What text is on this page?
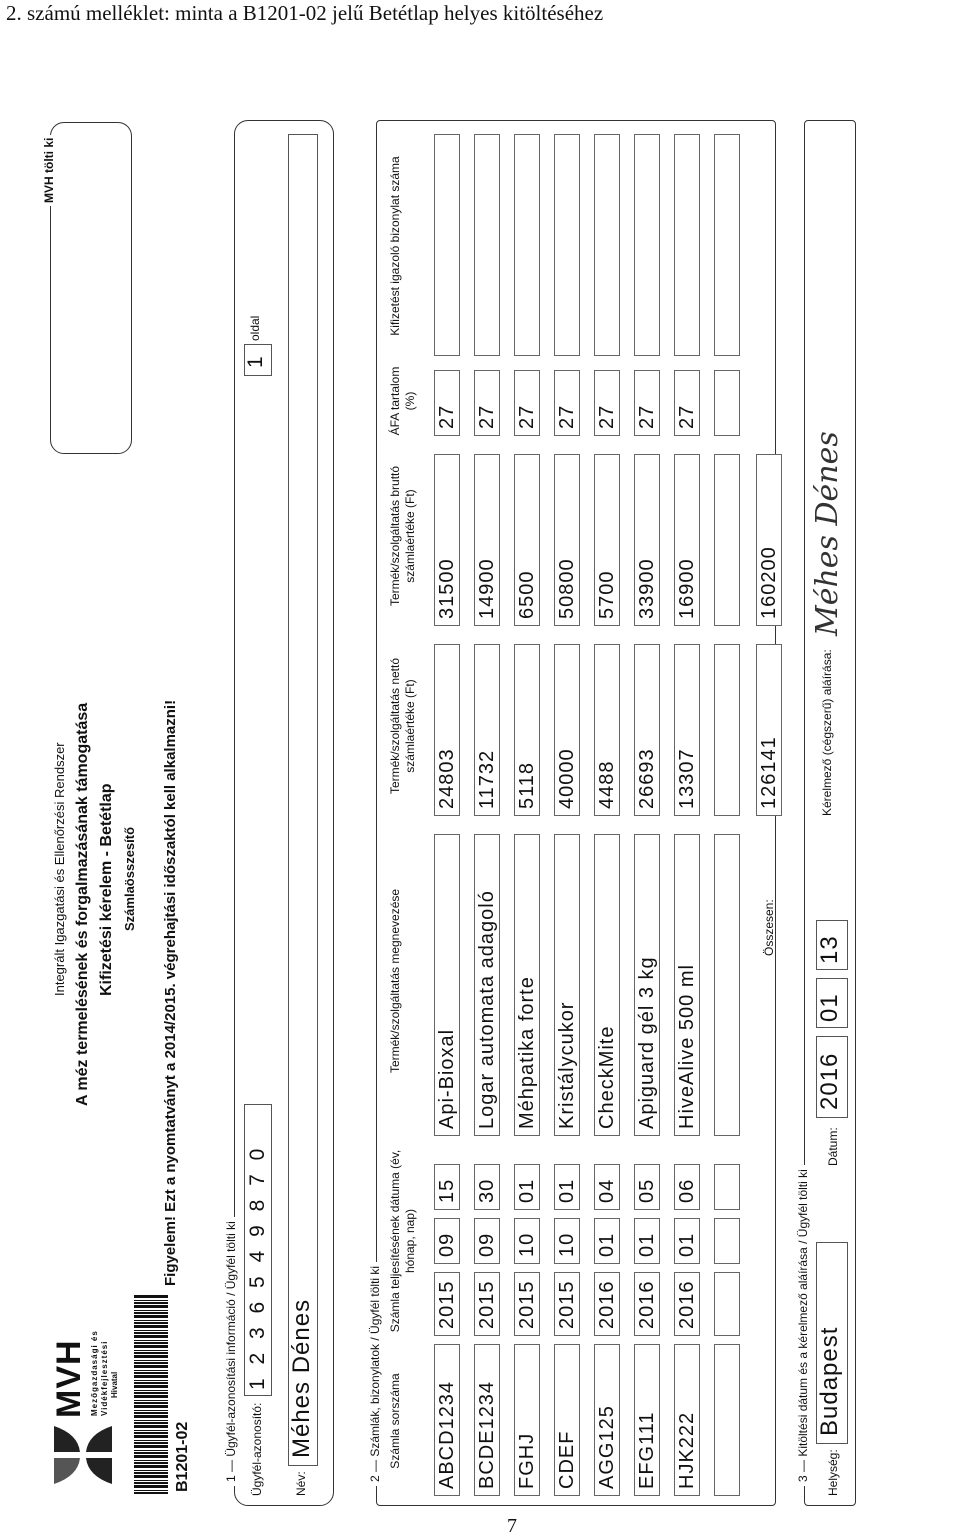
2. számú melléklet: minta a B1201-02 jelű Betétlap helyes kitöltéséhez
MVH Mezőgazdasági és Vidékfejlesztési Hivatal
B1201-02
Integrált Igazgatási és Ellenőrzési Rendszer A méz termelésének és forgalmazásának támogatása Kifizetési kérelem - Betétlap Számlaösszesítő Figyelem! Ezt a nyomtatványt a 2014/2015. végrehajtási időszaktól kell alkalmazni!
MVH tölti ki
1 — Ügyfél-azonosítási információ / Ügyfél tölti ki Ügyfél-azonosító:
1 2 3 6 5 4 9 8 7 0
Név:
Méhes Dénes
1
oldal
2 — Számlák, bizonylatok / Ügyfél tölti ki Számla sorszáma
Számla teljesítésének dátuma (év, hónap, nap)
Termék/szolgáltatás megnevezése
Termék/szolgáltatás nettó számlaértéke (Ft)
Termék/szolgáltatás bruttó számlaértéke (Ft)
ÁFA tartalom (%)
Kifizetést igazoló bizonylat száma
ABCD1234
2015
09
15
Api-Bioxal
24803
31500
27
BCDE1234
2015
09
30
Logar automata adagoló
11732
14900
27
FGHJ
2015
10
01
Méhpatika forte
5118
6500
27
CDEF
2015
10
01
Kristálycukor
40000
50800
27
AGG125
2016
01
04
CheckMite
4488
5700
27
EFG111
2016
01
05
Apiguard gél 3 kg
26693
33900
27
HJK222
2016
01
06
HiveAlive 500 ml
13307
16900
27
Összesen:
126141
160200
3 — Kitöltési dátum és a kérelmező aláírása / Ügyfél tölti ki Helység:
Budapest
Dátum:
2016
01
13
Kérelmező (cégszerű) aláírása:
Méhes Dénes
7
